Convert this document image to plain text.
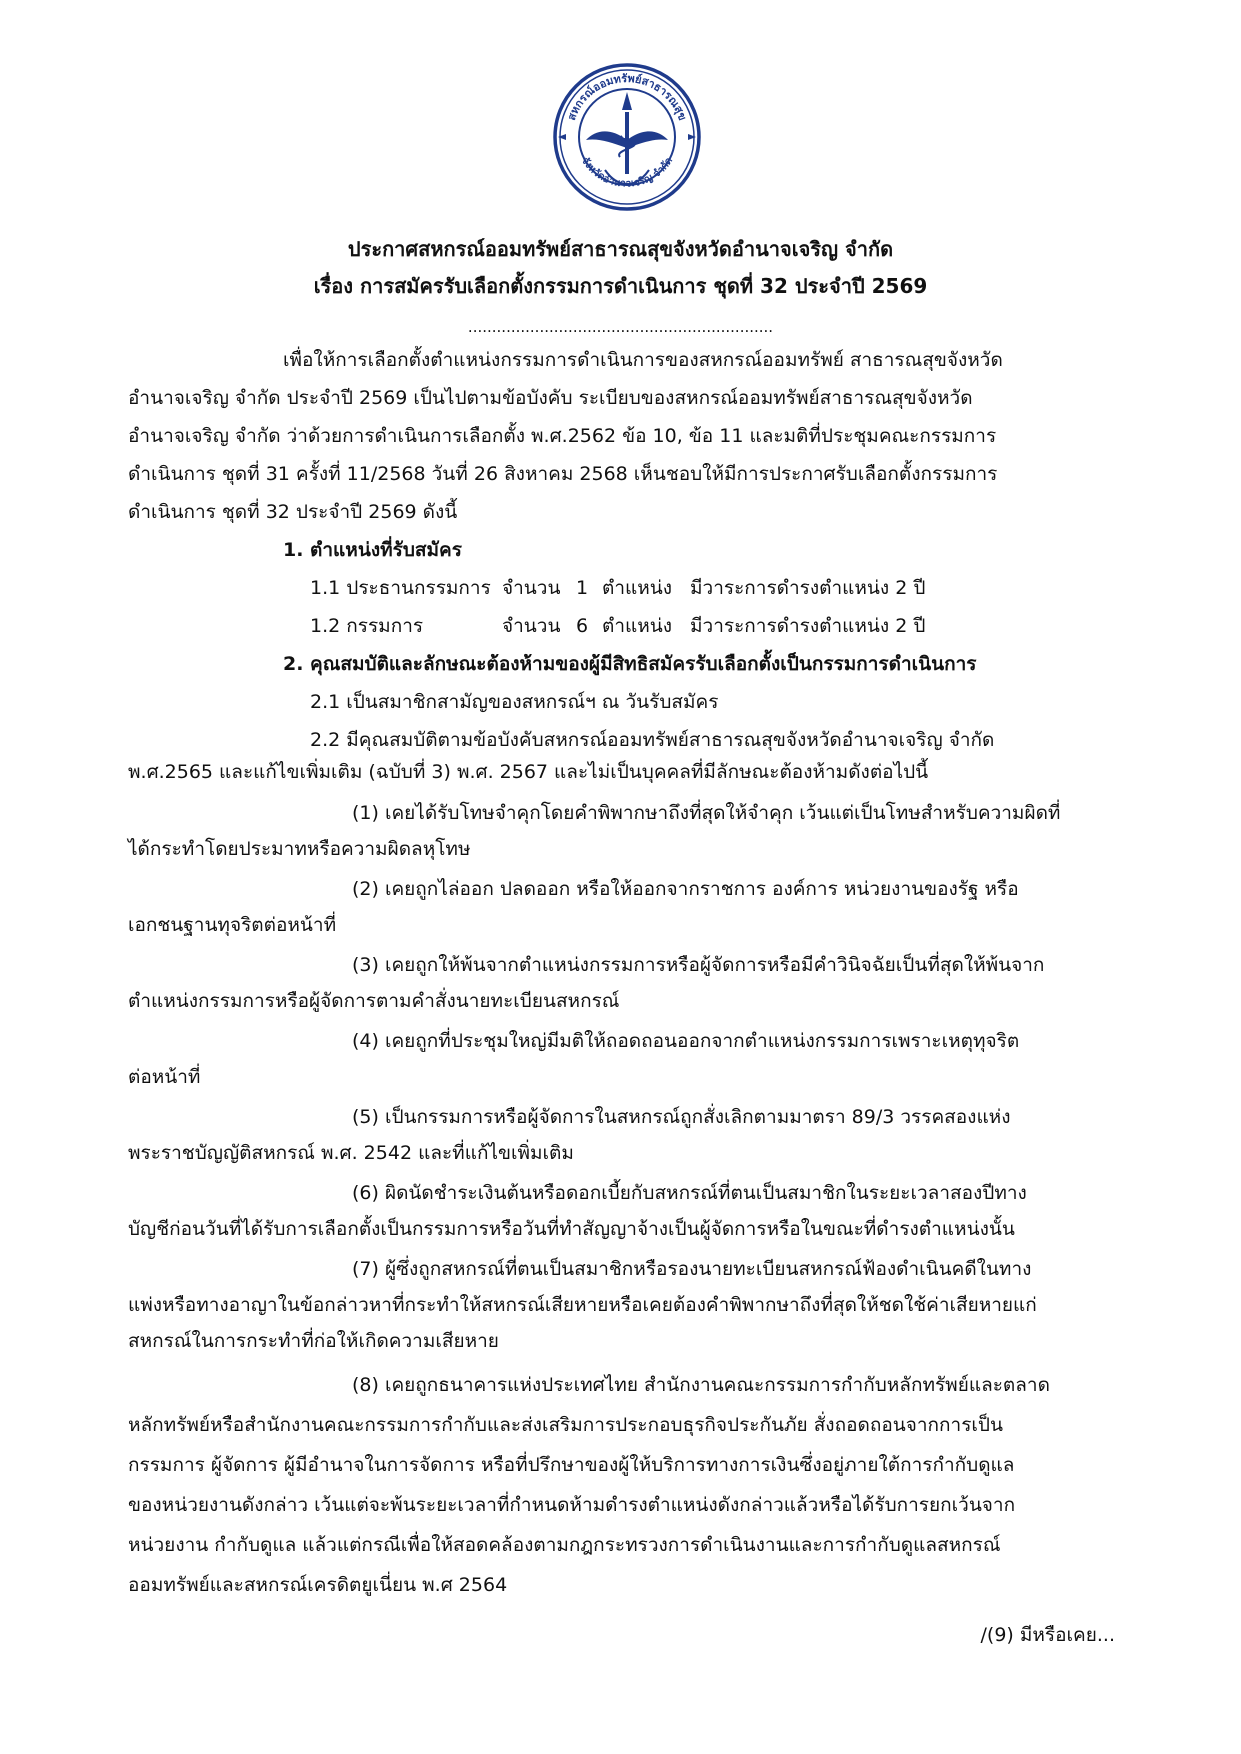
สหกรณ์ออมทรัพย์สาธารณสุข
จังหวัดอำนาจเจริญ จำกัด
ประกาศสหกรณ์ออมทรัพย์สาธารณสุขจังหวัดอำนาจเจริญ จำกัด
เรื่อง การสมัครรับเลือกตั้งกรรมการดำเนินการ ชุดที่ 32 ประจำปี 2569
................................................................
เพื่อให้การเลือกตั้งตำแหน่งกรรมการดำเนินการของสหกรณ์ออมทรัพย์ สาธารณสุขจังหวัด
อำนาจเจริญ จำกัด ประจำปี 2569 เป็นไปตามข้อบังคับ ระเบียบของสหกรณ์ออมทรัพย์สาธารณสุขจังหวัด
อำนาจเจริญ จำกัด ว่าด้วยการดำเนินการเลือกตั้ง พ.ศ.2562 ข้อ 10, ข้อ 11 และมติที่ประชุมคณะกรรมการ
ดำเนินการ ชุดที่ 31 ครั้งที่ 11/2568 วันที่ 26 สิงหาคม 2568 เห็นชอบให้มีการประกาศรับเลือกตั้งกรรมการ
ดำเนินการ ชุดที่ 32 ประจำปี 2569 ดังนี้
1. ตำแหน่งที่รับสมัคร
1.1 ประธานกรรมการ จำนวน 1 ตำแหน่ง มีวาระการดำรงตำแหน่ง 2 ปี
1.2 กรรมการ	จำนวน 6 ตำแหน่ง มีวาระการดำรงตำแหน่ง 2 ปี
2. คุณสมบัติและลักษณะต้องห้ามของผู้มีสิทธิสมัครรับเลือกตั้งเป็นกรรมการดำเนินการ
2.1 เป็นสมาชิกสามัญของสหกรณ์ฯ ณ วันรับสมัคร
2.2 มีคุณสมบัติตามข้อบังคับสหกรณ์ออมทรัพย์สาธารณสุขจังหวัดอำนาจเจริญ จำกัด
พ.ศ.2565 และแก้ไขเพิ่มเติม (ฉบับที่ 3) พ.ศ. 2567 และไม่เป็นบุคคลที่มีลักษณะต้องห้ามดังต่อไปนี้
(1) เคยได้รับโทษจำคุกโดยคำพิพากษาถึงที่สุดให้จำคุก เว้นแต่เป็นโทษสำหรับความผิดที่
ได้กระทำโดยประมาทหรือความผิดลหุโทษ
(2) เคยถูกไล่ออก ปลดออก หรือให้ออกจากราชการ องค์การ หน่วยงานของรัฐ หรือ
เอกชนฐานทุจริตต่อหน้าที่
(3) เคยถูกให้พ้นจากตำแหน่งกรรมการหรือผู้จัดการหรือมีคำวินิจฉัยเป็นที่สุดให้พ้นจาก
ตำแหน่งกรรมการหรือผู้จัดการตามคำสั่งนายทะเบียนสหกรณ์
(4) เคยถูกที่ประชุมใหญ่มีมติให้ถอดถอนออกจากตำแหน่งกรรมการเพราะเหตุทุจริต
ต่อหน้าที่
(5) เป็นกรรมการหรือผู้จัดการในสหกรณ์ถูกสั่งเลิกตามมาตรา 89/3 วรรคสองแห่ง
พระราชบัญญัติสหกรณ์ พ.ศ. 2542 และที่แก้ไขเพิ่มเติม
(6) ผิดนัดชำระเงินต้นหรือดอกเบี้ยกับสหกรณ์ที่ตนเป็นสมาชิกในระยะเวลาสองปีทาง
บัญชีก่อนวันที่ได้รับการเลือกตั้งเป็นกรรมการหรือวันที่ทำสัญญาจ้างเป็นผู้จัดการหรือในขณะที่ดำรงตำแหน่งนั้น
(7) ผู้ซึ่งถูกสหกรณ์ที่ตนเป็นสมาชิกหรือรองนายทะเบียนสหกรณ์ฟ้องดำเนินคดีในทาง
แพ่งหรือทางอาญาในข้อกล่าวหาที่กระทำให้สหกรณ์เสียหายหรือเคยต้องคำพิพากษาถึงที่สุดให้ชดใช้ค่าเสียหายแก่
สหกรณ์ในการกระทำที่ก่อให้เกิดความเสียหาย
(8) เคยถูกธนาคารแห่งประเทศไทย สำนักงานคณะกรรมการกำกับหลักทรัพย์และตลาด
หลักทรัพย์หรือสำนักงานคณะกรรมการกำกับและส่งเสริมการประกอบธุรกิจประกันภัย สั่งถอดถอนจากการเป็น
กรรมการ ผู้จัดการ ผู้มีอำนาจในการจัดการ หรือที่ปรึกษาของผู้ให้บริการทางการเงินซึ่งอยู่ภายใต้การกำกับดูแล
ของหน่วยงานดังกล่าว เว้นแต่จะพ้นระยะเวลาที่กำหนดห้ามดำรงตำแหน่งดังกล่าวแล้วหรือได้รับการยกเว้นจาก
หน่วยงาน กำกับดูแล แล้วแต่กรณีเพื่อให้สอดคล้องตามกฎกระทรวงการดำเนินงานและการกำกับดูแลสหกรณ์
ออมทรัพย์และสหกรณ์เครดิตยูเนี่ยน พ.ศ 2564
/(9) มีหรือเคย...
